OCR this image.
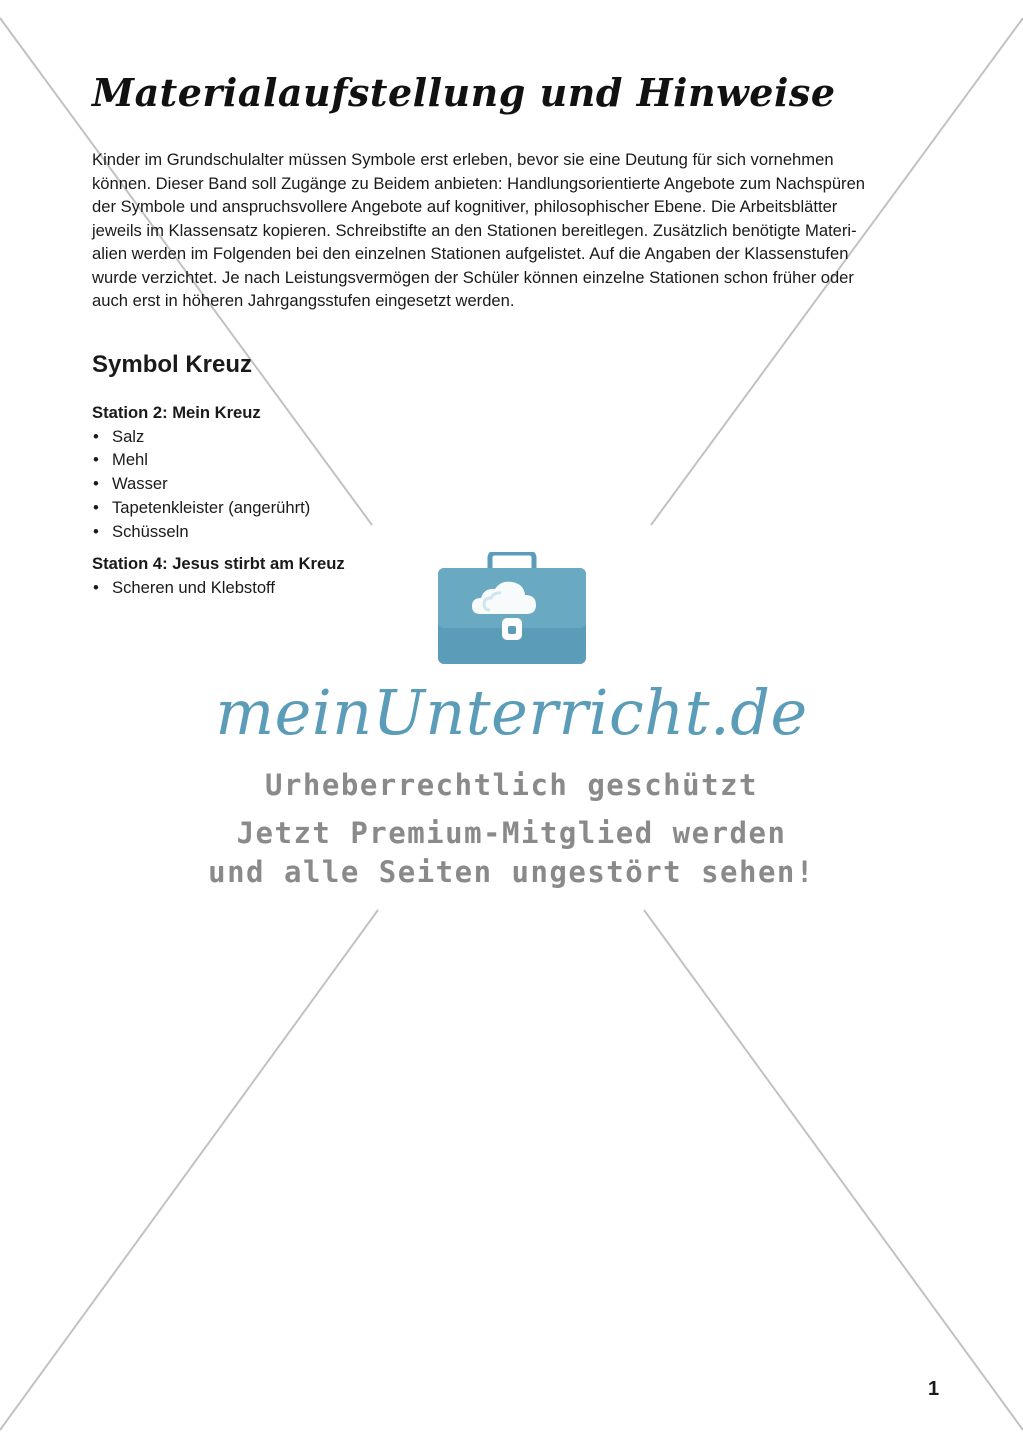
Materialaufstellung und Hinweise

Kinder im Grundschulalter müssen Symbole erst erleben, bevor sie eine Deutung für sich vornehmen
können. Dieser Band soll Zugänge zu Beidem anbieten: Handlungsorientierte Angebote zum Nachspüren
der Symbole und anspruchsvollere Angebote auf kognitiver, philosophischer Ebene. Die Arbeitsblätter
jeweils im Klassensatz kopieren. Schreibstifte an den Stationen bereitlegen. Zusätzlich benötigte Materi-
alien werden im Folgenden bei den einzelnen Stationen aufgelistet. Auf die Angaben der Klassenstufen
wurde verzichtet. Je nach Leistungsvermögen der Schüler können einzelne Stationen schon früher oder
auch erst in höheren Jahrgangsstufen eingesetzt werden.

Symbol Kreuz

Station 2: Mein Kreuz

• Salz
• Mehl
• Wasser
• Tapetenkleister (angerührt)
• Schüsseln

Station 4: Jesus stirbt am Kreuz

• Scheren und Klebstoff
meinUnterricht.de
Urheberrechtlich geschützt
Jetzt Premium-Mitglied werden
und alle Seiten ungestört sehen!
1
